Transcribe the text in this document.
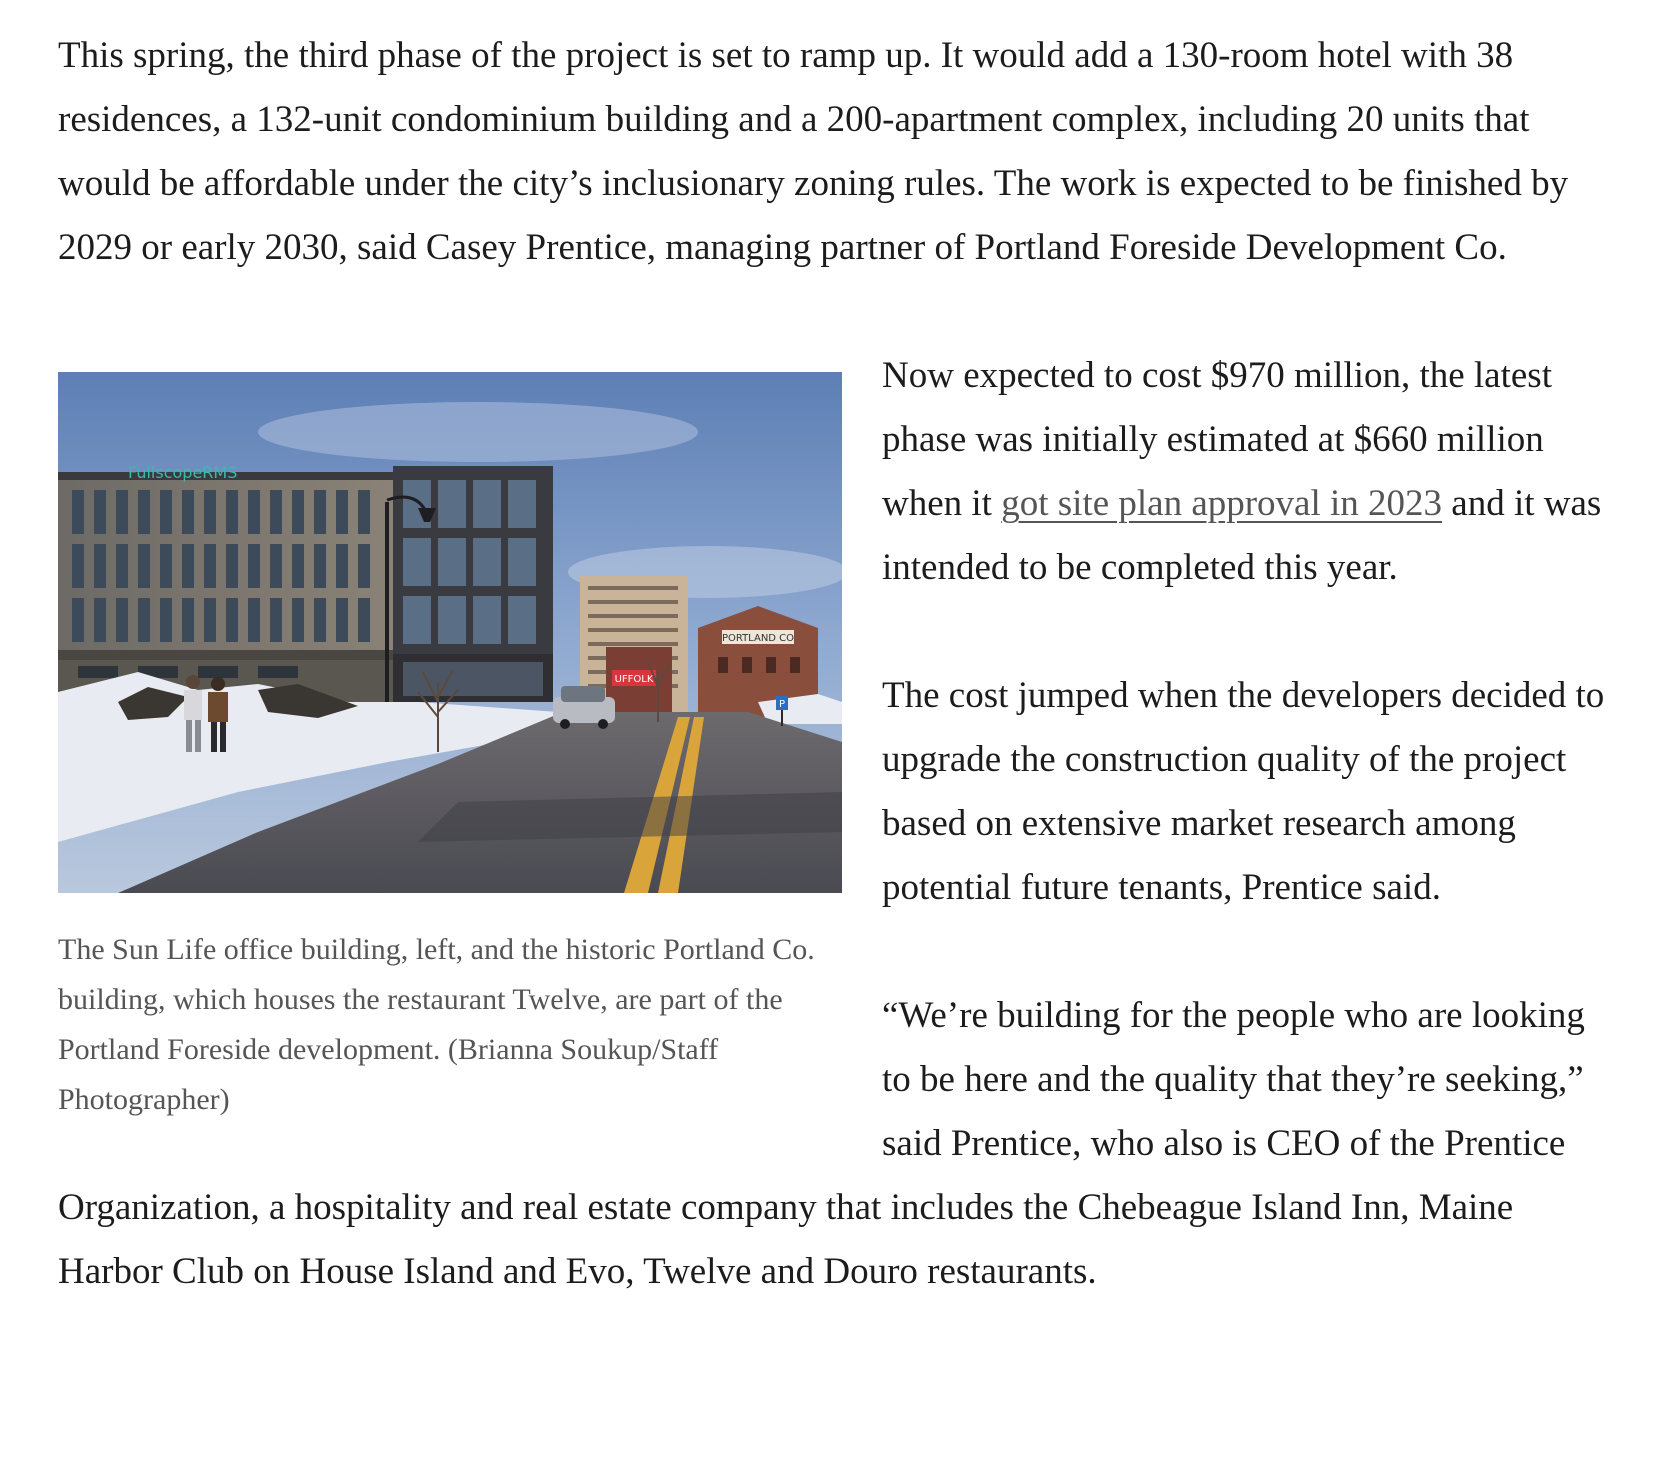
This spring, the third phase of the project is set to ramp up. It would add a 130-room hotel with 38 residences, a 132-unit condominium building and a 200-apartment complex, including 20 units that would be affordable under the city’s inclusionary zoning rules. The work is expected to be finished by 2029 or early 2030, said Casey Prentice, managing partner of Portland Foreside Development Co.

PORTLAND CO
UFFOLK
FullscopeRMS
P
The Sun Life office building, left, and the historic Portland Co. building, which houses the restaurant Twelve, are part of the Portland Foreside development. (Brianna Soukup/Staff Photographer)

Now expected to cost $970 million, the latest phase was initially estimated at $660 million when it got site plan approval in 2023 and it was intended to be completed this year.

The cost jumped when the developers decided to upgrade the construction quality of the project based on extensive market research among potential future tenants, Prentice said.

“We’re building for the people who are looking to be here and the quality that they’re seeking,” said Prentice, who also is CEO of the Prentice Organization, a hospitality and real estate company that includes the Chebeague Island Inn, Maine Harbor Club on House Island and Evo, Twelve and Douro restaurants.
